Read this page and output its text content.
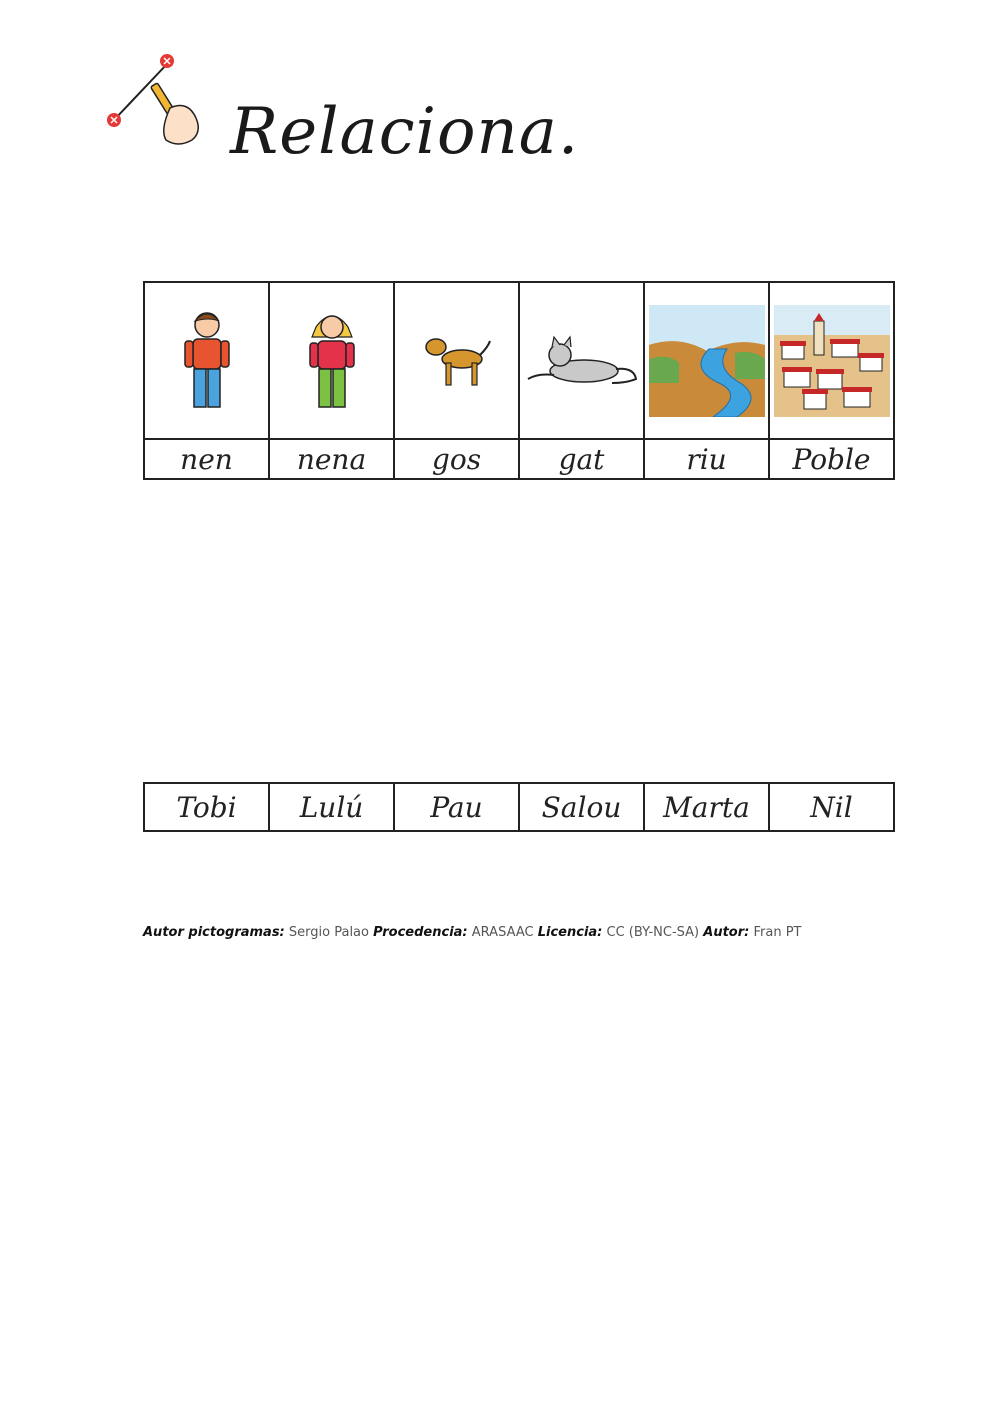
Relaciona.

nen	nena	gos	gat	riu	Poble
Tobi	Lulú	Pau	Salou	Marta	Nil
Autor pictogramas: Sergio Palao Procedencia: ARASAAC Licencia: CC (BY-NC-SA) Autor: Fran PT
